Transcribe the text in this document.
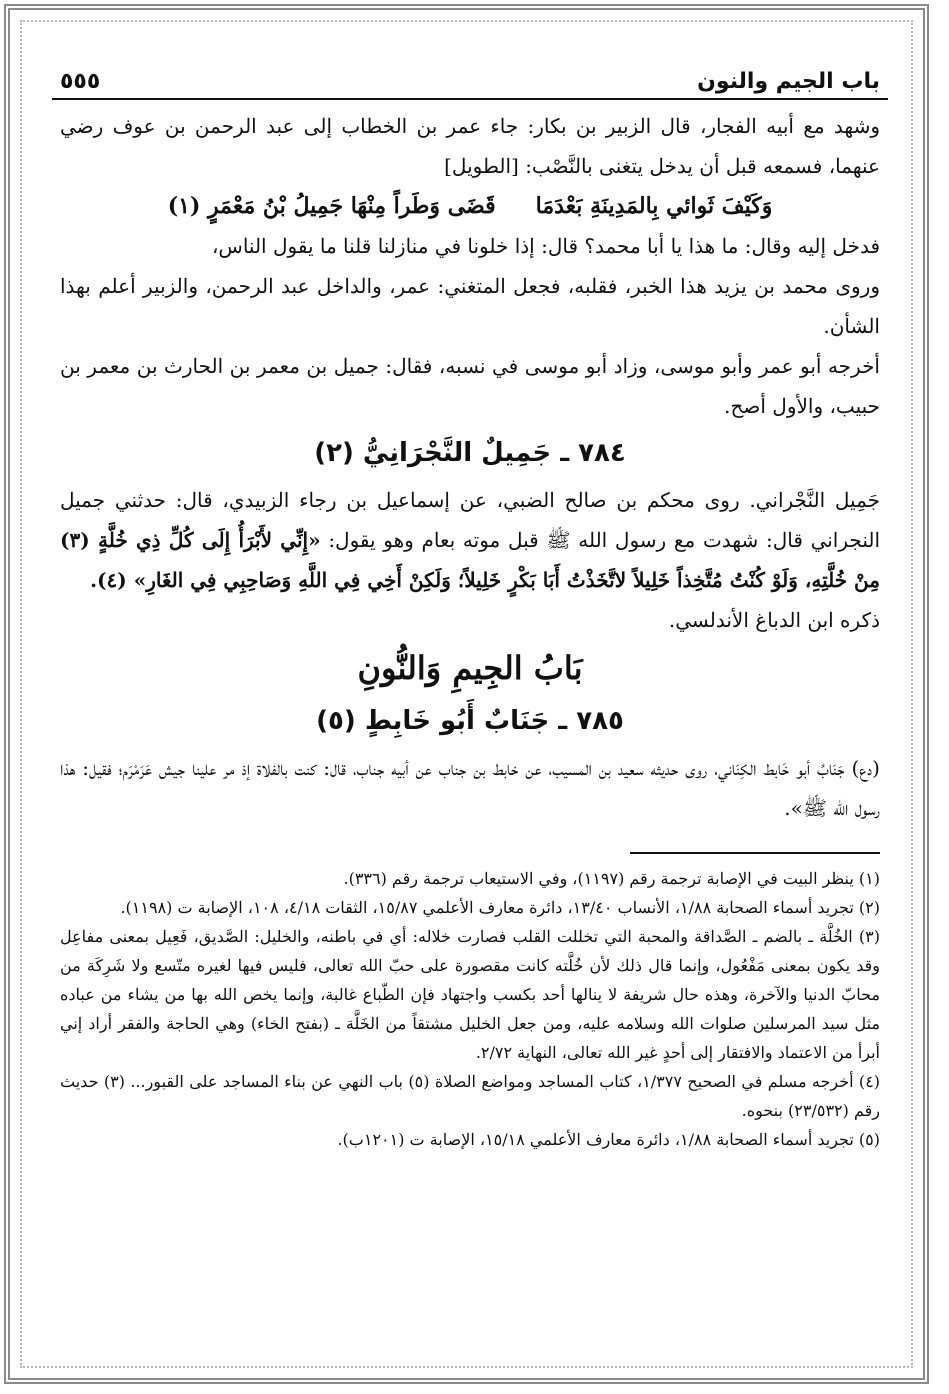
باب الجيم والنون
٥٥٥

وشهد مع أبيه الفجار، قال الزبير بن بكار: جاء عمر بن الخطاب إلى عبد الرحمن بن عوف رضي عنهما، فسمعه قبل أن يدخل يتغنى بالنَّصْب: [الطويل]

وَكَيْفَ ثَوائي بِالمَدِينَةِ بَعْدَمَا
قَضَى وَطَراً مِنْهَا جَمِيلُ بْنُ مَعْمَرٍ (١)

فدخل إليه وقال: ما هذا يا أبا محمد؟ قال: إذا خلونا في منازلنا قلنا ما يقول الناس،

وروى محمد بن يزيد هذا الخبر، فقلبه، فجعل المتغني: عمر، والداخل عبد الرحمن، والزبير أعلم بهذا الشأن.

أخرجه أبو عمر وأبو موسى، وزاد أبو موسى في نسبه، فقال: جميل بن معمر بن الحارث بن معمر بن حبيب، والأول أصح.

٧٨٤ ـ جَمِيلٌ النَّجْرَانِيُّ (٢)

جَمِيل النَّجْراني. روى محكم بن صالح الضبي، عن إسماعيل بن رجاء الزبيدي، قال: حدثني جميل النجراني قال: شهدت مع رسول الله ﷺ قبل موته بعام وهو يقول: «إِنِّي لأَبْرَأُ إِلَى كُلِّ ذِي خُلَّةٍ (٣) مِنْ خُلَّتِهِ، وَلَوْ كُنْتُ مُتَّخِذاً خَلِيلاً لاتَّخَذْتُ أَبَا بَكْرٍ خَلِيلاً؛ وَلَكِنْ أَخِي فِي اللَّهِ وَصَاحِبِي فِي الغَارِ» (٤).

ذكره ابن الدباغ الأندلسي.

بَابُ الجِيمِ وَالنُّونِ
٧٨٥ ـ جَنَابٌ أَبُو خَابِطٍ (٥)

(دع) جَنَابُ أبو خَابط الكِنَاني، روى حديثه سعيد بن المسيب، عن خابط بن جناب عن أبيه جناب، قال: كنت بالفلاة إذ مر علينا جيش عَرَمْرَم؛ فقيل: هذا رسول الله ﷺ».

(١) ينظر البيت في الإصابة ترجمة رقم (١١٩٧)، وفي الاستيعاب ترجمة رقم (٣٣٦).

(٢) تجريد أسماء الصحابة ١/٨٨، الأنساب ١٣/٤٠، دائرة معارف الأعلمي ١٥/٨٧، الثقات ٤/١٨، ١٠٨، الإصابة ت (١١٩٨).

(٣) الخُلَّة ـ بالضم ـ الصَّداقة والمحبة التي تخللت القلب فصارت خلاله: أي في باطنه، والخليل: الصَّديق، فَعِيل بمعنى مفاعِل وقد يكون بمعنى مَفْعُول، وإنما قال ذلك لأن خُلَّته كانت مقصورة على حبّ الله تعالى، فليس فيها لغيره متّسع ولا شَرِكَة من محابّ الدنيا والآخرة، وهذه حال شريفة لا ينالها أحد بكسب واجتهاد فإن الطّباع غالبة، وإنما يخص الله بها من يشاء من عباده مثل سيد المرسلين صلوات الله وسلامه عليه، ومن جعل الخليل مشتقاً من الخَلَّة ـ (بفتح الخاء) وهي الحاجة والفقر أراد إني أبرأ من الاعتماد والافتقار إلى أحدٍ غير الله تعالى، النهاية ٢/٧٢.

(٤) أخرجه مسلم في الصحيح ١/٣٧٧، كتاب المساجد ومواضع الصلاة (٥) باب النهي عن بناء المساجد على القبور... (٣) حديث رقم (٢٣/٥٣٢) بنحوه.

(٥) تجريد أسماء الصحابة ١/٨٨، دائرة معارف الأعلمي ١٥/١٨، الإصابة ت (١٢٠١ب).
